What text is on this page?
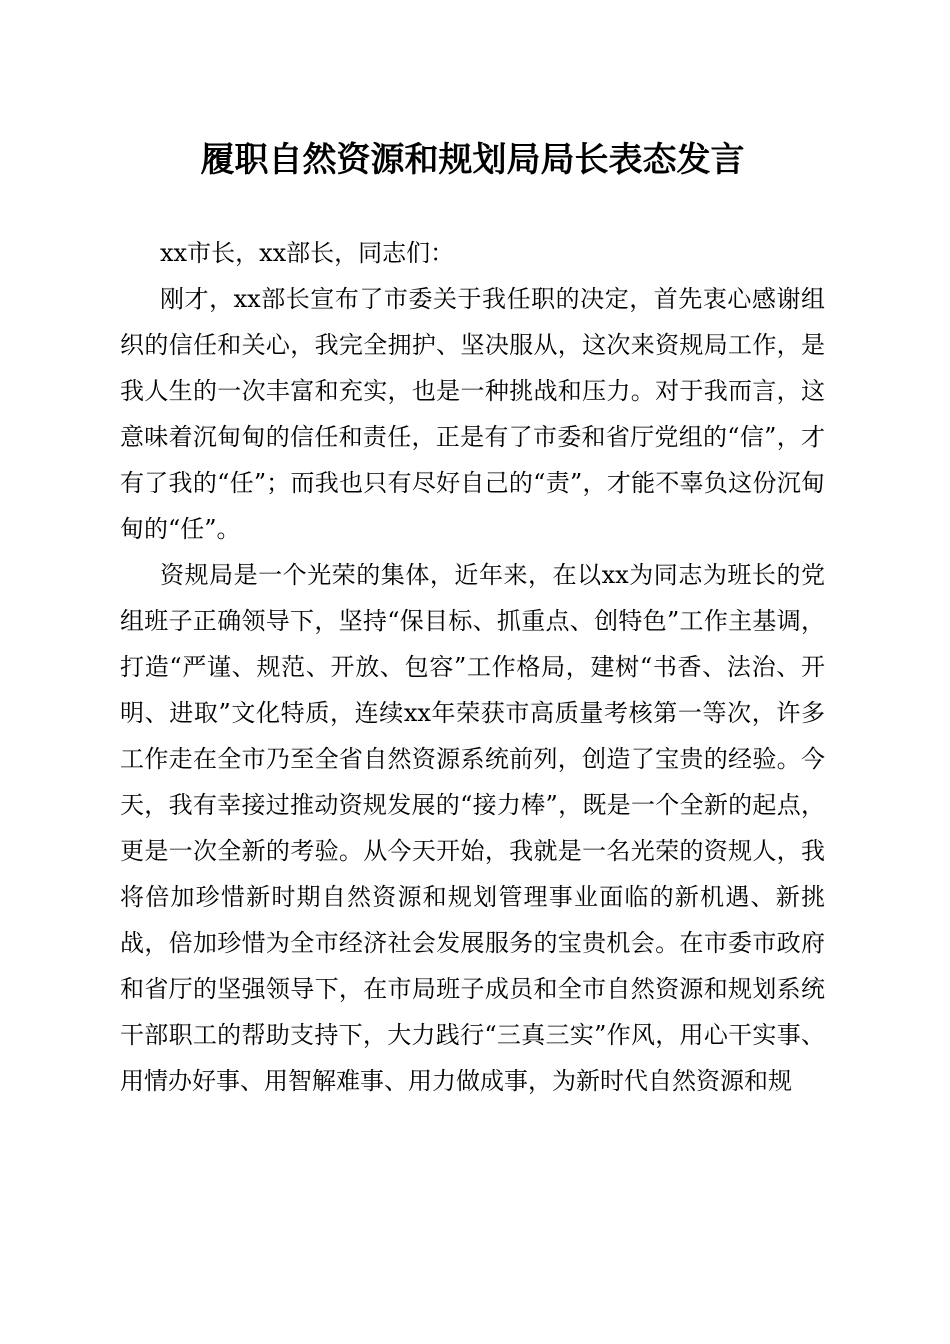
履职自然资源和规划局局长表态发言

xx市长，xx部长，同志们：

刚才，xx部长宣布了市委关于我任职的决定，首先衷心感谢组织的信任和关心，我完全拥护、坚决服从，这次来资规局工作，是我人生的一次丰富和充实，也是一种挑战和压力。对于我而言，这意味着沉甸甸的信任和责任，正是有了市委和省厅党组的“信”，才有了我的“任”；而我也只有尽好自己的“责”，才能不辜负这份沉甸甸的“任”。

资规局是一个光荣的集体，近年来，在以xx为同志为班长的党组班子正确领导下，坚持“保目标、抓重点、创特色”工作主基调，打造“严谨、规范、开放、包容”工作格局，建树“书香、法治、开明、进取”文化特质，连续xx年荣获市高质量考核第一等次，许多工作走在全市乃至全省自然资源系统前列，创造了宝贵的经验。今天，我有幸接过推动资规发展的“接力棒”，既是一个全新的起点，更是一次全新的考验。从今天开始，我就是一名光荣的资规人，我将倍加珍惜新时期自然资源和规划管理事业面临的新机遇、新挑战，倍加珍惜为全市经济社会发展服务的宝贵机会。在市委市政府和省厅的坚强领导下，在市局班子成员和全市自然资源和规划系统干部职工的帮助支持下，大力践行“三真三实”作风，用心干实事、用情办好事、用智解难事、用力做成事，为新时代自然资源和规
